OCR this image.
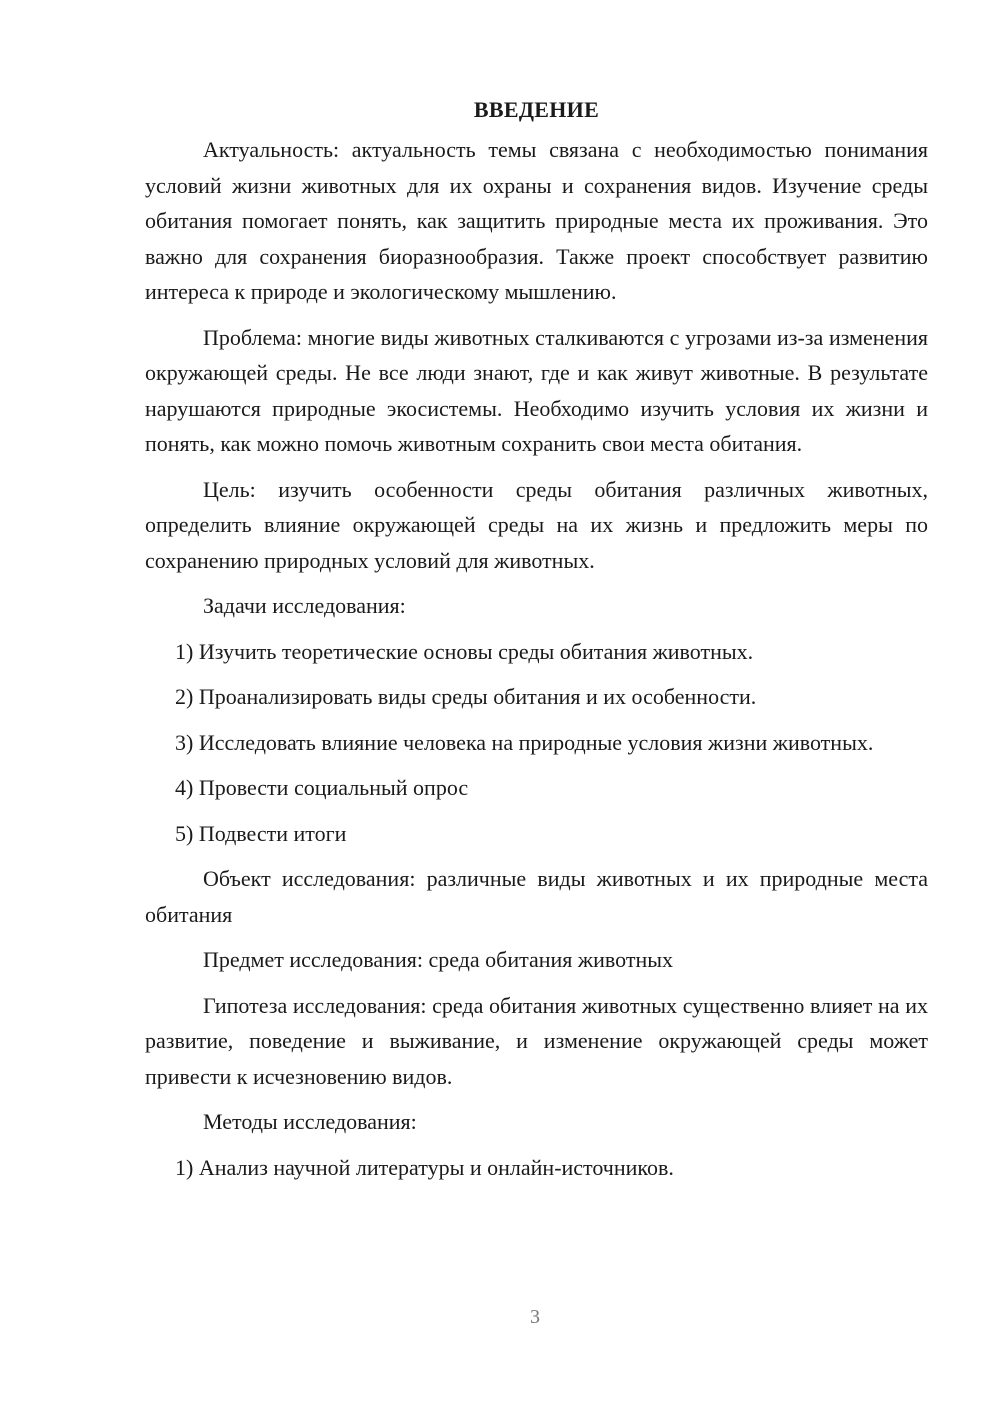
ВВЕДЕНИЕ

Актуальность: актуальность темы связана с необходимостью понимания условий жизни животных для их охраны и сохранения видов. Изучение среды обитания помогает понять, как защитить природные места их проживания. Это важно для сохранения биоразнообразия. Также проект способствует развитию интереса к природе и экологическому мышлению.

Проблема: многие виды животных сталкиваются с угрозами из-за изменения окружающей среды. Не все люди знают, где и как живут животные. В результате нарушаются природные экосистемы. Необходимо изучить условия их жизни и понять, как можно помочь животным сохранить свои места обитания.

Цель: изучить особенности среды обитания различных животных, определить влияние окружающей среды на их жизнь и предложить меры по сохранению природных условий для животных.

Задачи исследования:

1) Изучить теоретические основы среды обитания животных.

2) Проанализировать виды среды обитания и их особенности.

3) Исследовать влияние человека на природные условия жизни животных.

4) Провести социальный опрос

5) Подвести итоги

Объект исследования: различные виды животных и их природные места обитания

Предмет исследования: среда обитания животных

Гипотеза исследования: среда обитания животных существенно влияет на их развитие, поведение и выживание, и изменение окружающей среды может привести к исчезновению видов.

Методы исследования:

1) Анализ научной литературы и онлайн-источников.

3
